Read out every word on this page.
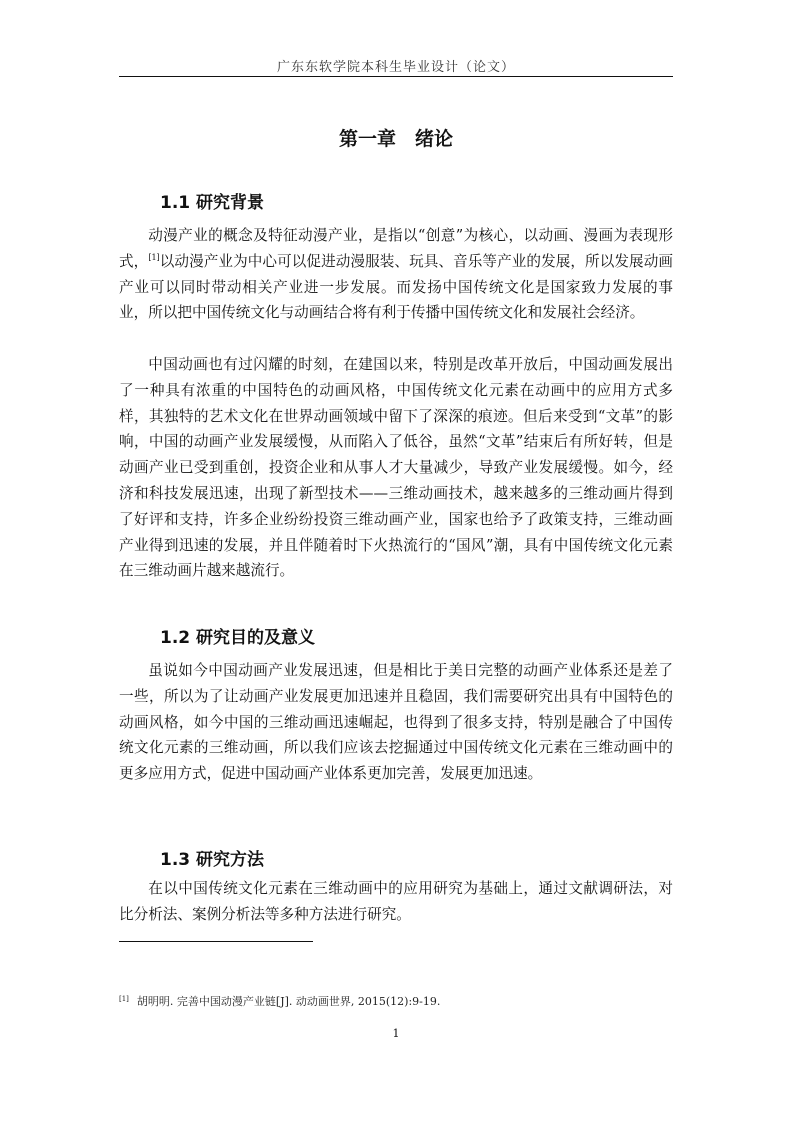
广东东软学院本科生毕业设计（论文）
第一章　绪论
1.1 研究背景

动漫产业的概念及特征动漫产业，是指以“创意”为核心，以动画、漫画为表现形式，[1]以动漫产业为中心可以促进动漫服装、玩具、音乐等产业的发展，所以发展动画产业可以同时带动相关产业进一步发展。而发扬中国传统文化是国家致力发展的事业，所以把中国传统文化与动画结合将有利于传播中国传统文化和发展社会经济。

中国动画也有过闪耀的时刻，在建国以来，特别是改革开放后，中国动画发展出了一种具有浓重的中国特色的动画风格，中国传统文化元素在动画中的应用方式多样，其独特的艺术文化在世界动画领域中留下了深深的痕迹。但后来受到“文革”的影响，中国的动画产业发展缓慢，从而陷入了低谷，虽然“文革”结束后有所好转，但是动画产业已受到重创，投资企业和从事人才大量减少，导致产业发展缓慢。如今，经济和科技发展迅速，出现了新型技术——三维动画技术，越来越多的三维动画片得到了好评和支持，许多企业纷纷投资三维动画产业，国家也给予了政策支持，三维动画产业得到迅速的发展，并且伴随着时下火热流行的“国风”潮，具有中国传统文化元素在三维动画片越来越流行。

1.2 研究目的及意义

虽说如今中国动画产业发展迅速，但是相比于美日完整的动画产业体系还是差了一些，所以为了让动画产业发展更加迅速并且稳固，我们需要研究出具有中国特色的动画风格，如今中国的三维动画迅速崛起，也得到了很多支持，特别是融合了中国传统文化元素的三维动画，所以我们应该去挖掘通过中国传统文化元素在三维动画中的更多应用方式，促进中国动画产业体系更加完善，发展更加迅速。

1.3 研究方法

在以中国传统文化元素在三维动画中的应用研究为基础上，通过文献调研法，对比分析法、案例分析法等多种方法进行研究。

[1] 胡明明. 完善中国动漫产业链[J]. 动动画世界, 2015(12):9-19.
1
